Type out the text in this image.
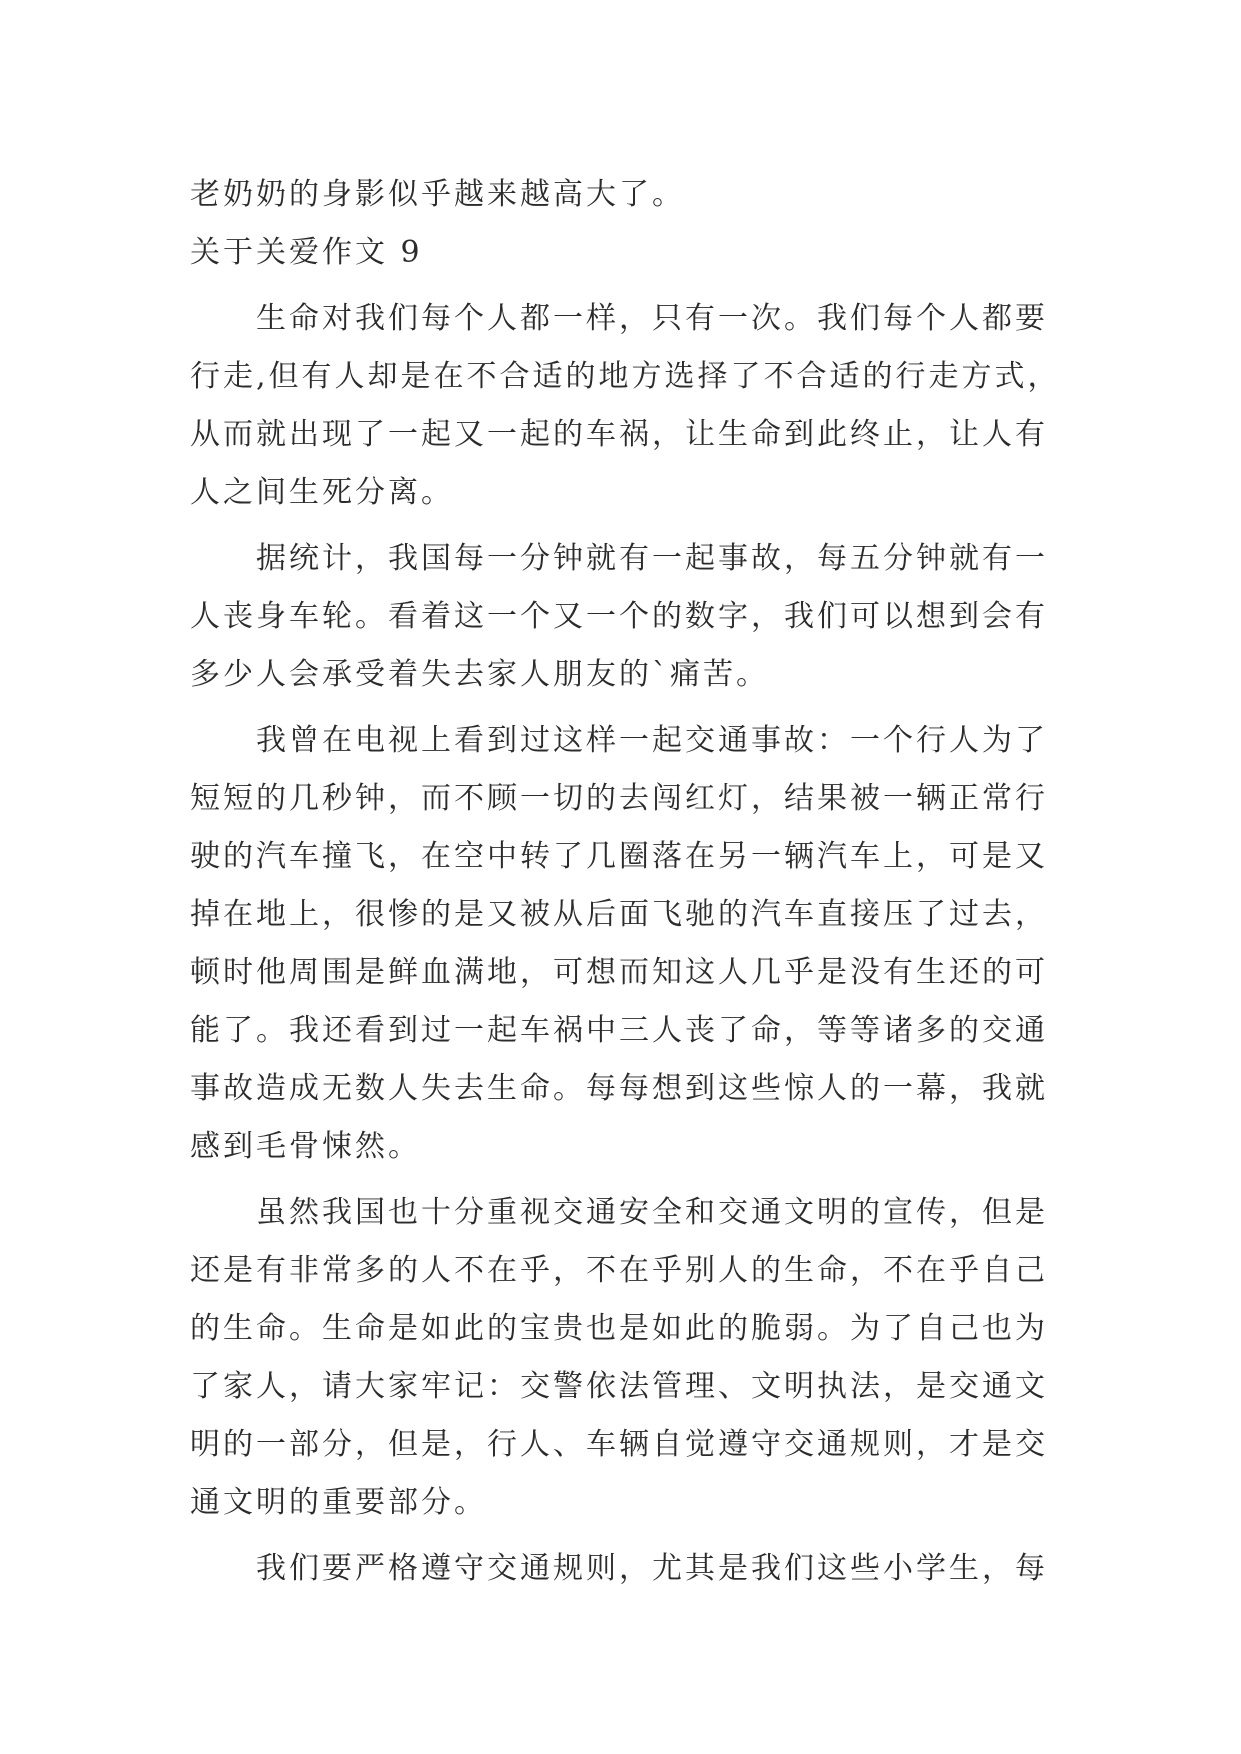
老奶奶的身影似乎越来越高大了。
关于关爱作文 9
生命对我们每个人都一样，只有一次。我们每个人都要
行走,但有人却是在不合适的地方选择了不合适的行走方式，
从而就出现了一起又一起的车祸，让生命到此终止，让人有
人之间生死分离。
据统计，我国每一分钟就有一起事故，每五分钟就有一
人丧身车轮。看着这一个又一个的数字，我们可以想到会有
多少人会承受着失去家人朋友的`痛苦。
我曾在电视上看到过这样一起交通事故：一个行人为了
短短的几秒钟，而不顾一切的去闯红灯，结果被一辆正常行
驶的汽车撞飞，在空中转了几圈落在另一辆汽车上，可是又
掉在地上，很惨的是又被从后面飞驰的汽车直接压了过去，
顿时他周围是鲜血满地，可想而知这人几乎是没有生还的可
能了。我还看到过一起车祸中三人丧了命，等等诸多的交通
事故造成无数人失去生命。每每想到这些惊人的一幕，我就
感到毛骨悚然。
虽然我国也十分重视交通安全和交通文明的宣传，但是
还是有非常多的人不在乎，不在乎别人的生命，不在乎自己
的生命。生命是如此的宝贵也是如此的脆弱。为了自己也为
了家人，请大家牢记：交警依法管理、文明执法，是交通文
明的一部分，但是，行人、车辆自觉遵守交通规则，才是交
通文明的重要部分。
我们要严格遵守交通规则，尤其是我们这些小学生，每
